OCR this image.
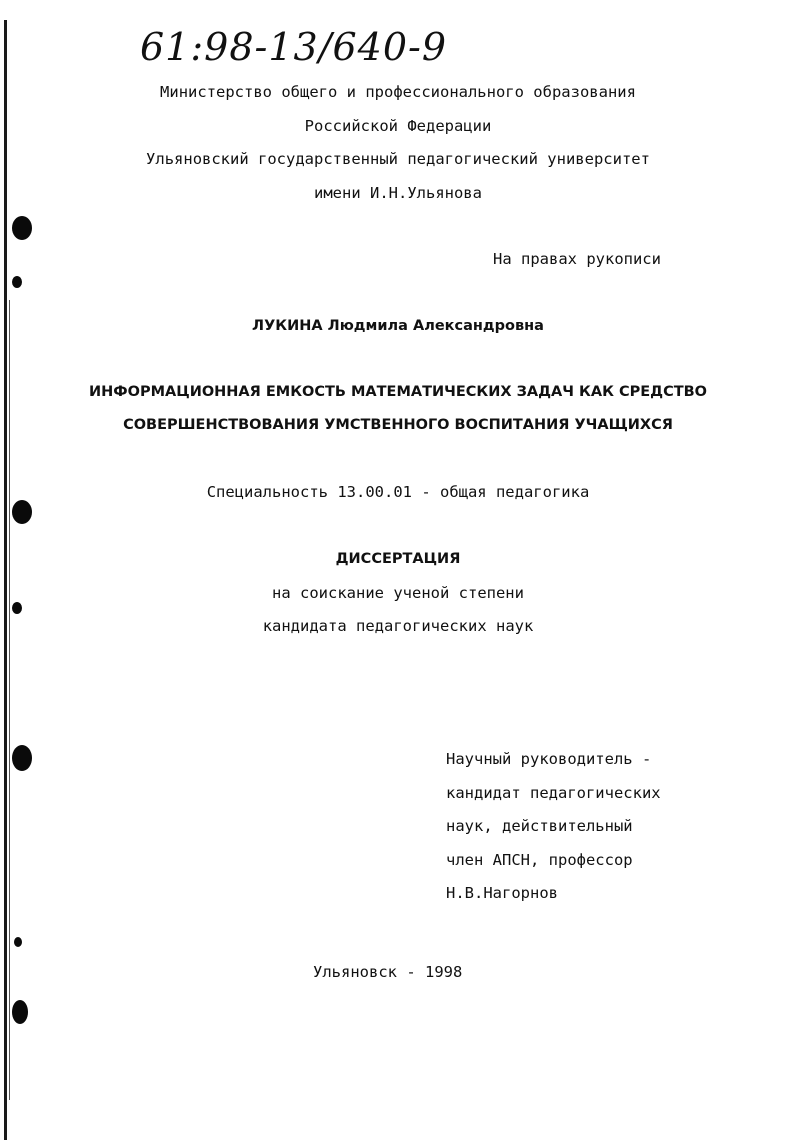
61:98-13/640-9
Министерство общего и профессионального образования
Российской Федерации
Ульяновский государственный педагогический университет
имени И.Н.Ульянова
На правах рукописи
ЛУКИНА Людмила Александровна
ИНФОРМАЦИОННАЯ ЕМКОСТЬ МАТЕМАТИЧЕСКИХ ЗАДАЧ КАК СРЕДСТВО
СОВЕРШЕНСТВОВАНИЯ УМСТВЕННОГО ВОСПИТАНИЯ УЧАЩИХСЯ
Специальность 13.00.01 - общая педагогика
ДИССЕРТАЦИЯ
на соискание ученой степени
кандидата педагогических наук
Научный руководитель -
кандидат педагогических
наук, действительный
член АПСН, профессор
Н.В.Нагорнов
Ульяновск - 1998
